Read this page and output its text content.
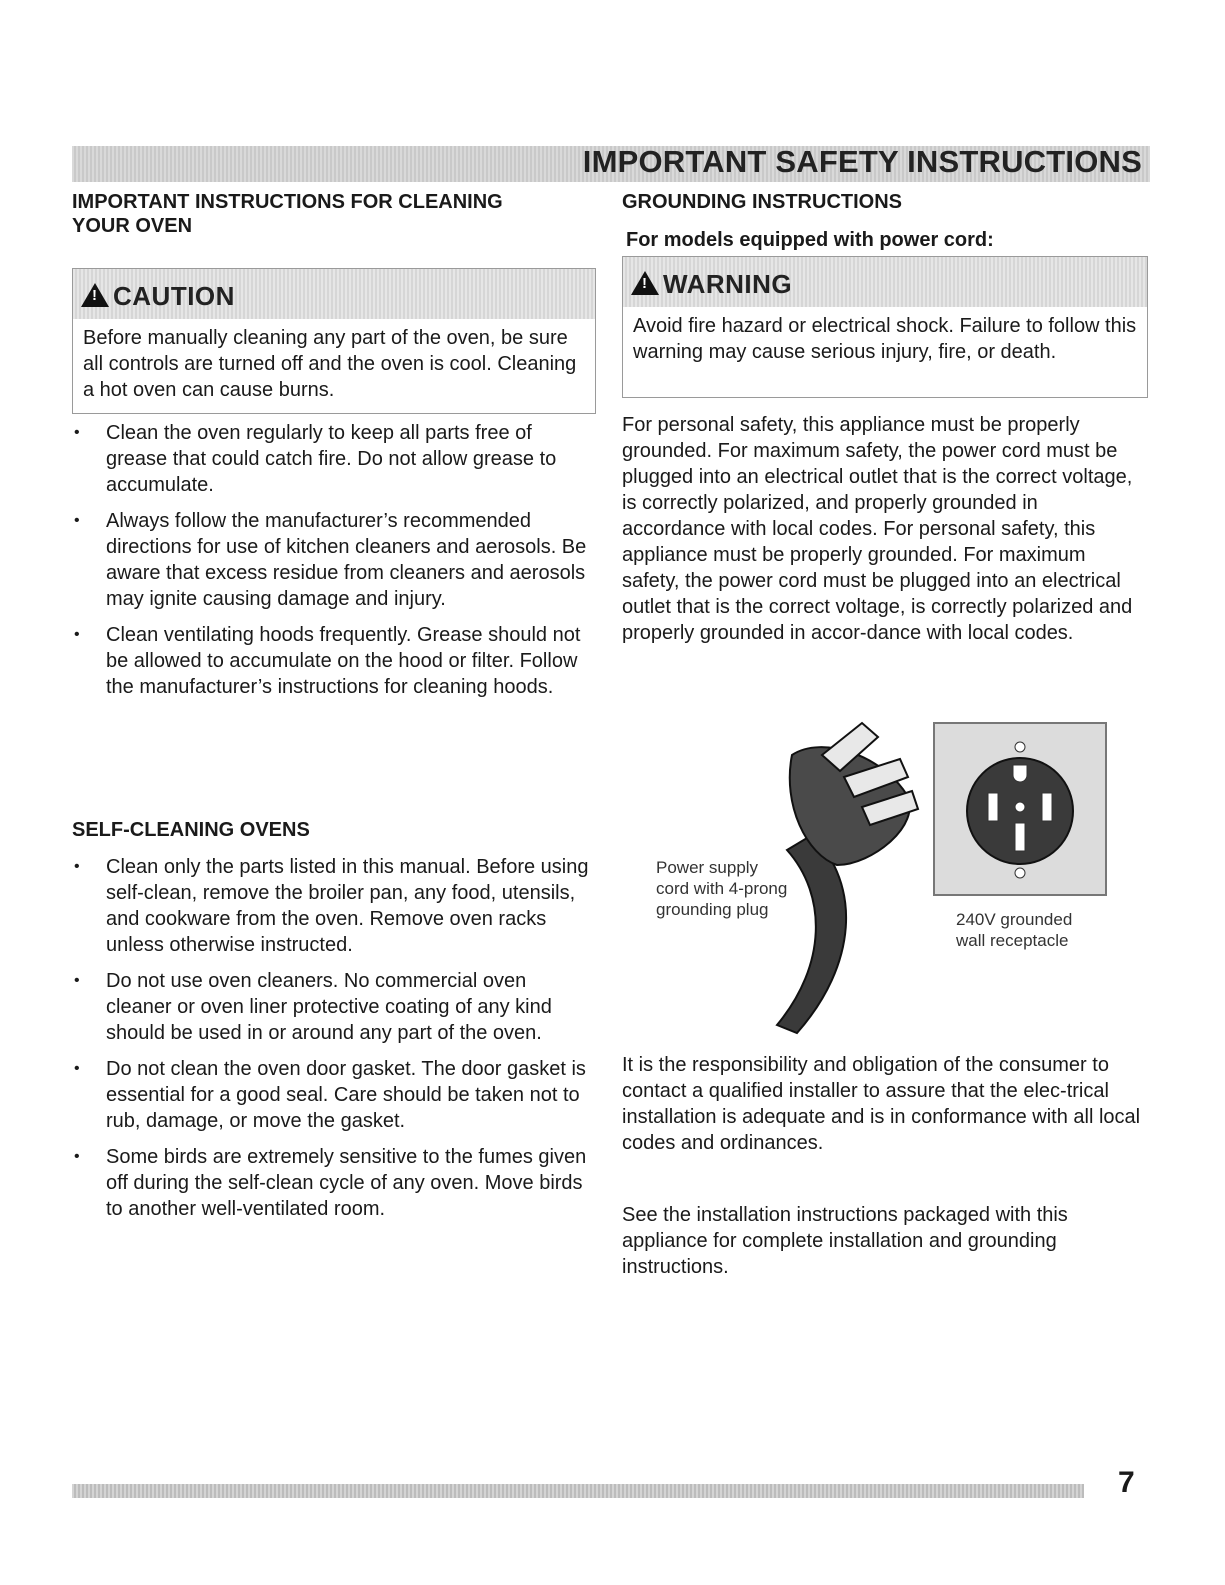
IMPORTANT SAFETY INSTRUCTIONS
IMPORTANT INSTRUCTIONS FOR CLEANING
YOUR OVEN
!CAUTION
Before manually cleaning any part of the oven, be sure all controls are turned off and the oven is cool. Cleaning a hot oven can cause burns.
• Clean the oven regularly to keep all parts free of grease that could catch fire. Do not allow grease to accumulate.
• Always follow the manufacturer’s recommended directions for use of kitchen cleaners and aerosols. Be aware that excess residue from cleaners and aerosols may ignite causing damage and injury.
• Clean ventilating hoods frequently. Grease should not be allowed to accumulate on the hood or filter. Follow the manufacturer’s instructions for cleaning hoods.
SELF-CLEANING OVENS
• Clean only the parts listed in this manual. Before using self-clean, remove the broiler pan, any food, utensils, and cookware from the oven. Remove oven racks unless otherwise instructed.
• Do not use oven cleaners. No commercial oven cleaner or oven liner protective coating of any kind should be used in or around any part of the oven.
• Do not clean the oven door gasket. The door gasket is essential for a good seal. Care should be taken not to rub, damage, or move the gasket.
• Some birds are extremely sensitive to the fumes given off during the self-clean cycle of any oven. Move birds to another well-ventilated room.
GROUNDING INSTRUCTIONS
For models equipped with power cord:
!WARNING
Avoid fire hazard or electrical shock. Failure to follow this warning may cause serious injury, fire, or death.

For personal safety, this appliance must be properly grounded. For maximum safety, the power cord must be plugged into an electrical outlet that is the correct voltage, is correctly polarized, and properly grounded in accordance with local codes. For personal safety, this appliance must be properly grounded. For maximum safety, the power cord must be plugged into an electrical outlet that is the correct voltage, is correctly polarized and properly grounded in accor-dance with local codes.

Power supply
cord with 4-prong
grounding plug
240V grounded
wall receptacle

It is the responsibility and obligation of the consumer to contact a qualified installer to assure that the elec-trical installation is adequate and is in conformance with all local codes and ordinances.

See the installation instructions packaged with this appliance for complete installation and grounding instructions.

7
